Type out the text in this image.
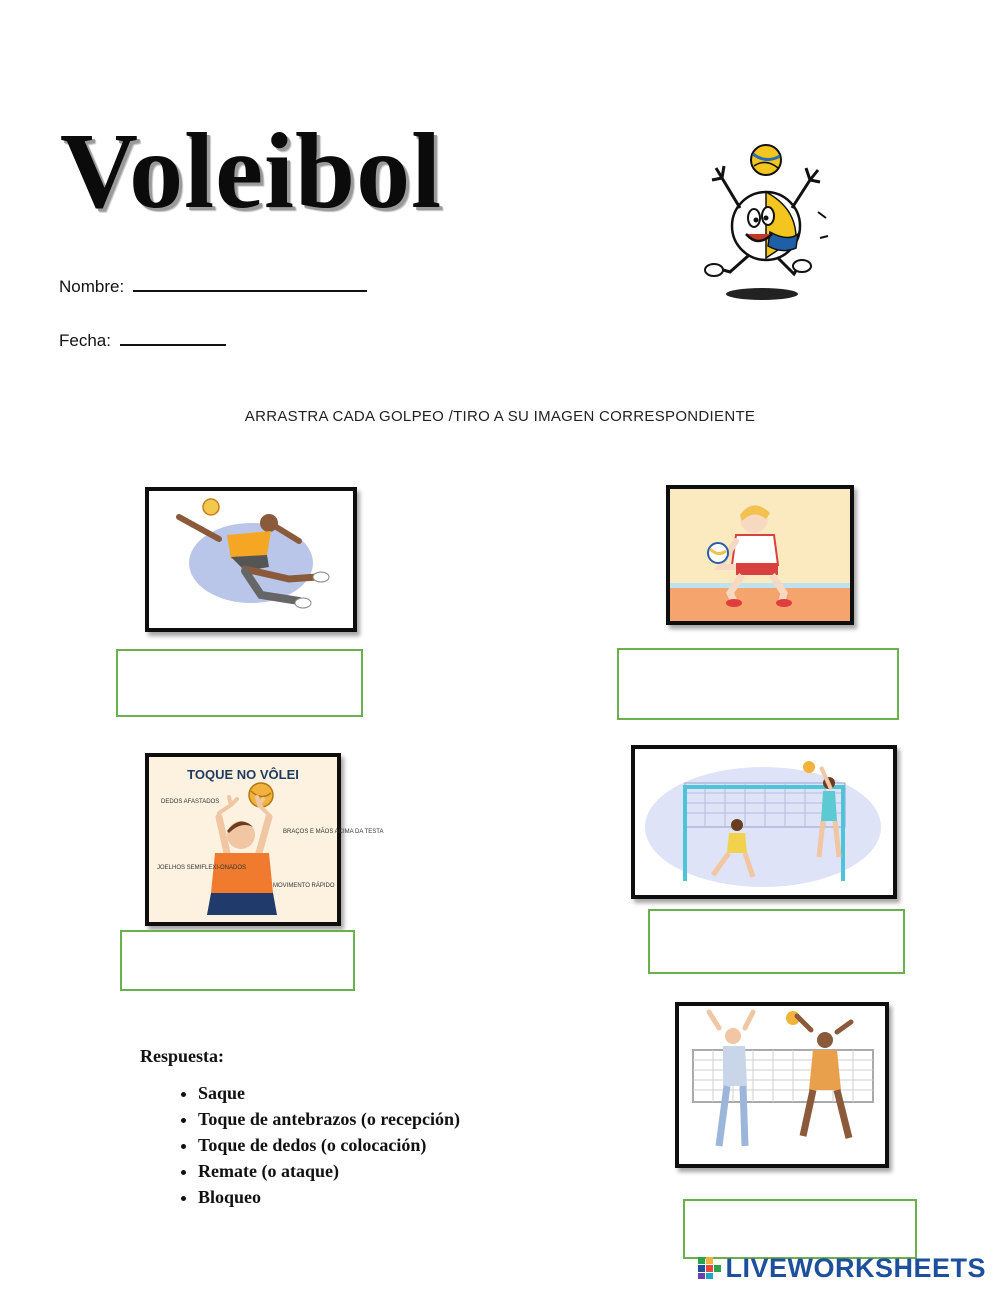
Voleibol
Nombre:
Fecha:
ARRASTRA CADA GOLPEO /TIRO A SU IMAGEN CORRESPONDIENTE
TOQUE NO VÔLEI
DEDOS AFASTADOS
BRAÇOS E MÃOS ACIMA DA TESTA
JOELHOS SEMIFLEXI-ONADOS
MOVIMENTO RÁPIDO
Respuesta:
• Saque
• Toque de antebrazos (o recepción)
• Toque de dedos (o colocación)
• Remate (o ataque)
• Bloqueo
LIVEWORKSHEETS
